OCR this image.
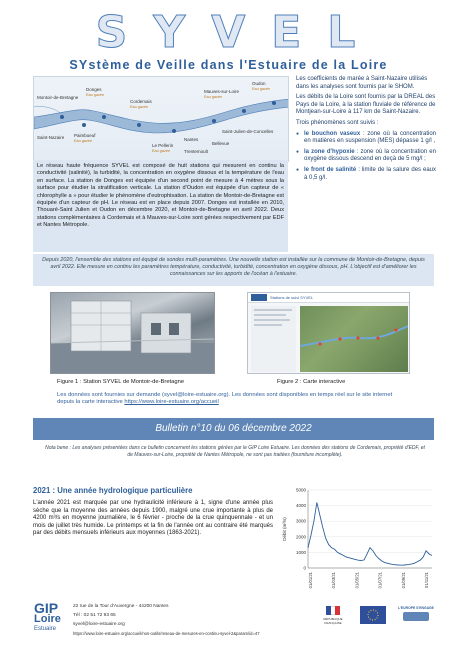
SYVEL
SYstème de Veille dans l'Estuaire de la Loire
Donges
Eau gazée
Cordemais
Eau gazée
Paimboeuf
Eau gazée
Saint-Nazaire
Montoir-de-Bretagne
Le Pellerin
Eau gazée	Trentemoult
Mauves-sur-Loire
Eau gazée
Oudon
Eau gazée
Saint-Julien-de-Concelles
Bellevue
Nantes
Le réseau haute fréquence SYVEL est composé de huit stations qui mesurent en continu la conductivité (salinité), la turbidité, la concentration en oxygène dissous et la température de l'eau en surface. La station de Donges est équipée d'un second point de mesure à 4 mètres sous la surface pour étudier la stratification verticale. La station d'Oudon est équipée d'un capteur de « chlorophylle a » pour étudier le phénomène d'eutrophisation. La station de Montoir-de-Bretagne est équipée d'un capteur de pH. Le réseau est en place depuis 2007. Donges est installée en 2010, Thouaré-Saint Julien et Oudon en décembre 2020, et Montoir-de-Bretagne en avril 2022. Deux stations complémentaires à Cordemais et à Mauves-sur-Loire sont gérées respectivement par EDF et Nantes Métropole.

Les coefficients de marée à Saint-Nazaire utilisés dans les analyses sont fournis par le SHOM.

Les débits de la Loire sont fournis par la DREAL des Pays de la Loire, à la station fluviale de référence de Montjean-sur-Loire à 117 km de Saint-Nazaire.

Trois phénomènes sont suivis :

● le bouchon vaseux : zone où la concentration en matières en suspension (MES) dépasse 1 g/l ,
● la zone d'hypoxie : zone où la concentration en oxygène dissous descend en deçà de 5 mg/l ;
● le front de salinité : limite de la salure des eaux à 0,5 g/l.
Depuis 2020, l'ensemble des stations est équipé de sondes multi-paramètres. Une nouvelle station est installée sur la commune de Montoir-de-Bretagne, depuis avril 2022. Elle mesure en continu les paramètres température, conductivité, turbidité, concentration en oxygène dissous, pH. L'objectif est d'améliorer les connaissances sur les apports de l'océan à l'estuaire.
Stations de suivi SYVEL
Figure 1 : Station SYVEL de Montoir-de-Bretagne	Figure 2 : Carte interactive
Les données sont fournies sur demande (syvel@loire-estuaire.org). Les données sont disponibles en temps réel sur le site internet depuis la carte interactive https://www.loire-estuaire.org/accueil
Bulletin n°10 du 06 décembre 2022
Nota bene : Les analyses présentées dans ce bulletin concernent les stations gérées par le GIP Loire Estuaire. Les données des stations de Cordemais, propriété d'EDF, et de Mauves-sur-Loire, propriété de Nantes Métropole, ne sont pas traitées (fourniture incomplète).
2021 : Une année hydrologique particulière
L'année 2021 est marquée par une hydraulicité inférieure à 1, signe d'une année plus sèche que la moyenne des années depuis 1900, malgré une crue importante à plus de 4200 m³/s en moyenne journalière, le 6 février - proche de la crue quinquennale - et un mois de juillet très humide. Le printemps et la fin de l'année ont au contraire été marqués par des débits mensuels inférieurs aux moyennes (1863-2021).
0
1000
2000
3000
4000
5000
Débit (m³/s)
01/01/21	01/03/21	01/05/21	01/07/21	01/09/21	01/11/21
GIP
Loire
Estuaire
22 rue de la Tour d'Auvergne - 44200 Nantes
Tél : 02 51 72 93 65
syvel@loire-estuaire.org
https://www.loire-estuaire.org/accueil/nos-outils/reseau-de-mesures-en-continu-syvel-2&param/id=47
RÉPUBLIQUE FRANÇAISE
L'EUROPE S'ENGAGE
